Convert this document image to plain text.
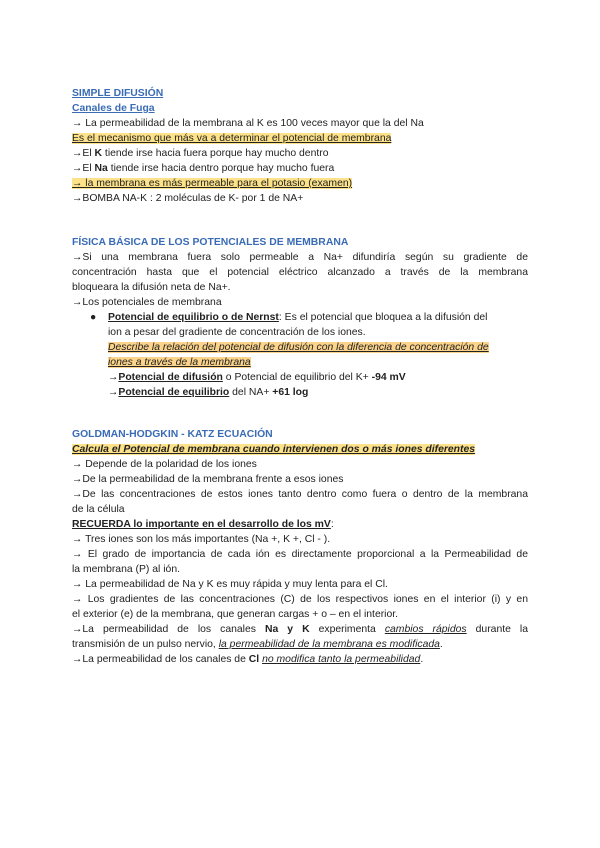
SIMPLE DIFUSIÓN
Canales de Fuga
→ La permeabilidad de la membrana al K es 100 veces mayor que la del Na
Es el mecanismo que más va a determinar el potencial de membrana
→El K tiende irse hacia fuera porque hay mucho dentro
→El Na tiende irse hacia dentro porque hay mucho fuera
→ la membrana es más permeable para el potasio (examen)
→BOMBA NA-K : 2 moléculas de K- por 1 de NA+
FÍSICA BÁSICA DE LOS POTENCIALES DE MEMBRANA
→Si una membrana fuera solo permeable a Na+ difundiría según su gradiente de
concentración hasta que el potencial eléctrico alcanzado a través de la membrana
bloqueara la difusión neta de Na+.
→Los potenciales de membrana
● Potencial de equilibrio o de Nernst: Es el potencial que bloquea a la difusión del
ion a pesar del gradiente de concentración de los iones.
Describe la relación del potencial de difusión con la diferencia de concentración de
iones a través de la membrana
→Potencial de difusión o Potencial de equilibrio del K+ -94 mV
→Potencial de equilibrio del NA+ +61 log
GOLDMAN-HODGKIN - KATZ ECUACIÓN
Calcula el Potencial de membrana cuando intervienen dos o más iones diferentes
→ Depende de la polaridad de los iones
→De la permeabilidad de la membrana frente a esos iones
→De las concentraciones de estos iones tanto dentro como fuera o dentro de la membrana
de la célula
RECUERDA lo importante en el desarrollo de los mV:
→ Tres iones son los más importantes (Na +, K +, Cl - ).
→ El grado de importancia de cada ión es directamente proporcional a la Permeabilidad de
la membrana (P) al ión.
→ La permeabilidad de Na y K es muy rápida y muy lenta para el Cl.
→ Los gradientes de las concentraciones (C) de los respectivos iones en el interior (i) y en
el exterior (e) de la membrana, que generan cargas + o – en el interior.
→La permeabilidad de los canales Na y K experimenta cambios rápidos durante la
transmisión de un pulso nervio, la permeabilidad de la membrana es modificada.
→La permeabilidad de los canales de Cl no modifica tanto la permeabilidad.
